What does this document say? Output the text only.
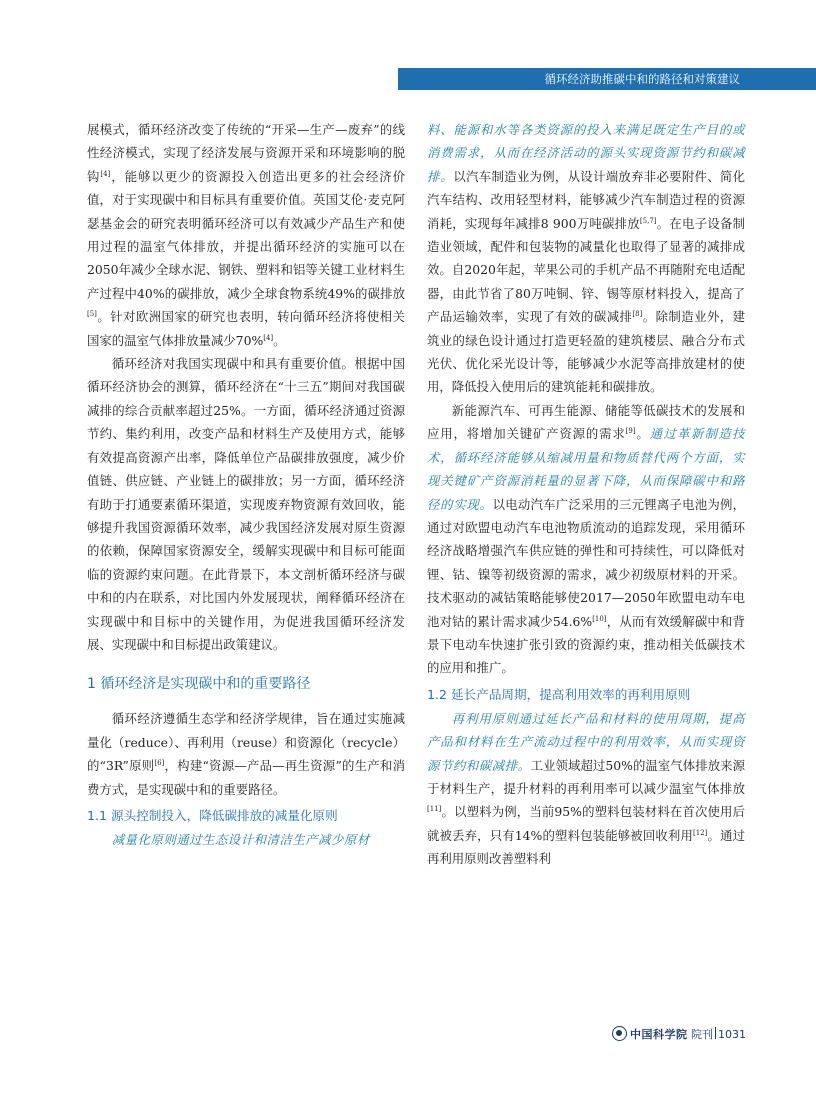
循环经济助推碳中和的路径和对策建议

展模式，循环经济改变了传统的“开采—生产—废弃”的线性经济模式，实现了经济发展与资源开采和环境影响的脱钩[4]，能够以更少的资源投入创造出更多的社会经济价值，对于实现碳中和目标具有重要价值。英国艾伦·麦克阿瑟基金会的研究表明循环经济可以有效减少产品生产和使用过程的温室气体排放，并提出循环经济的实施可以在2050年减少全球水泥、钢铁、塑料和铝等关键工业材料生产过程中40%的碳排放，减少全球食物系统49%的碳排放[5]。针对欧洲国家的研究也表明，转向循环经济将使相关国家的温室气体排放量减少70%[4]。

循环经济对我国实现碳中和具有重要价值。根据中国循环经济协会的测算，循环经济在“十三五”期间对我国碳减排的综合贡献率超过25%。一方面，循环经济通过资源节约、集约利用，改变产品和材料生产及使用方式，能够有效提高资源产出率，降低单位产品碳排放强度，减少价值链、供应链、产业链上的碳排放；另一方面，循环经济有助于打通要素循环渠道，实现废弃物资源有效回收，能够提升我国资源循环效率，减少我国经济发展对原生资源的依赖，保障国家资源安全，缓解实现碳中和目标可能面临的资源约束问题。在此背景下，本文剖析循环经济与碳中和的内在联系，对比国内外发展现状，阐释循环经济在实现碳中和目标中的关键作用，为促进我国循环经济发展、实现碳中和目标提出政策建议。

1 循环经济是实现碳中和的重要路径

循环经济遵循生态学和经济学规律，旨在通过实施减量化（reduce）、再利用（reuse）和资源化（recycle）的“3R”原则[6]，构建“资源—产品—再生资源”的生产和消费方式，是实现碳中和的重要路径。

1.1 源头控制投入，降低碳排放的减量化原则

减量化原则通过生态设计和清洁生产减少原材

料、能源和水等各类资源的投入来满足既定生产目的或消费需求，从而在经济活动的源头实现资源节约和碳减排。以汽车制造业为例，从设计端放弃非必要附件、简化汽车结构、改用轻型材料，能够减少汽车制造过程的资源消耗，实现每年减排8 900万吨碳排放[5,7]。在电子设备制造业领域，配件和包装物的减量化也取得了显著的减排成效。自2020年起，苹果公司的手机产品不再随附充电适配器，由此节省了80万吨铜、锌、锡等原材料投入，提高了产品运输效率，实现了有效的碳减排[8]。除制造业外，建筑业的绿色设计通过打造更轻盈的建筑楼层、融合分布式光伏、优化采光设计等，能够减少水泥等高排放建材的使用，降低投入使用后的建筑能耗和碳排放。

新能源汽车、可再生能源、储能等低碳技术的发展和应用，将增加关键矿产资源的需求[9]。通过革新制造技术，循环经济能够从缩减用量和物质替代两个方面，实现关键矿产资源消耗量的显著下降，从而保障碳中和路径的实现。以电动汽车广泛采用的三元锂离子电池为例，通过对欧盟电动汽车电池物质流动的追踪发现，采用循环经济战略增强汽车供应链的弹性和可持续性，可以降低对锂、钴、镍等初级资源的需求，减少初级原材料的开采。技术驱动的减钴策略能够使2017—2050年欧盟电动车电池对钴的累计需求减少54.6%[10]，从而有效缓解碳中和背景下电动车快速扩张引致的资源约束，推动相关低碳技术的应用和推广。

1.2 延长产品周期，提高利用效率的再利用原则

再利用原则通过延长产品和材料的使用周期，提高产品和材料在生产流动过程中的利用效率，从而实现资源节约和碳减排。工业领域超过50%的温室气体排放来源于材料生产，提升材料的再利用率可以减少温室气体排放[11]。以塑料为例，当前95%的塑料包装材料在首次使用后就被丢弃，只有14%的塑料包装能够被回收利用[12]。通过再利用原则改善塑料利

中国科学院 院刊 1031
